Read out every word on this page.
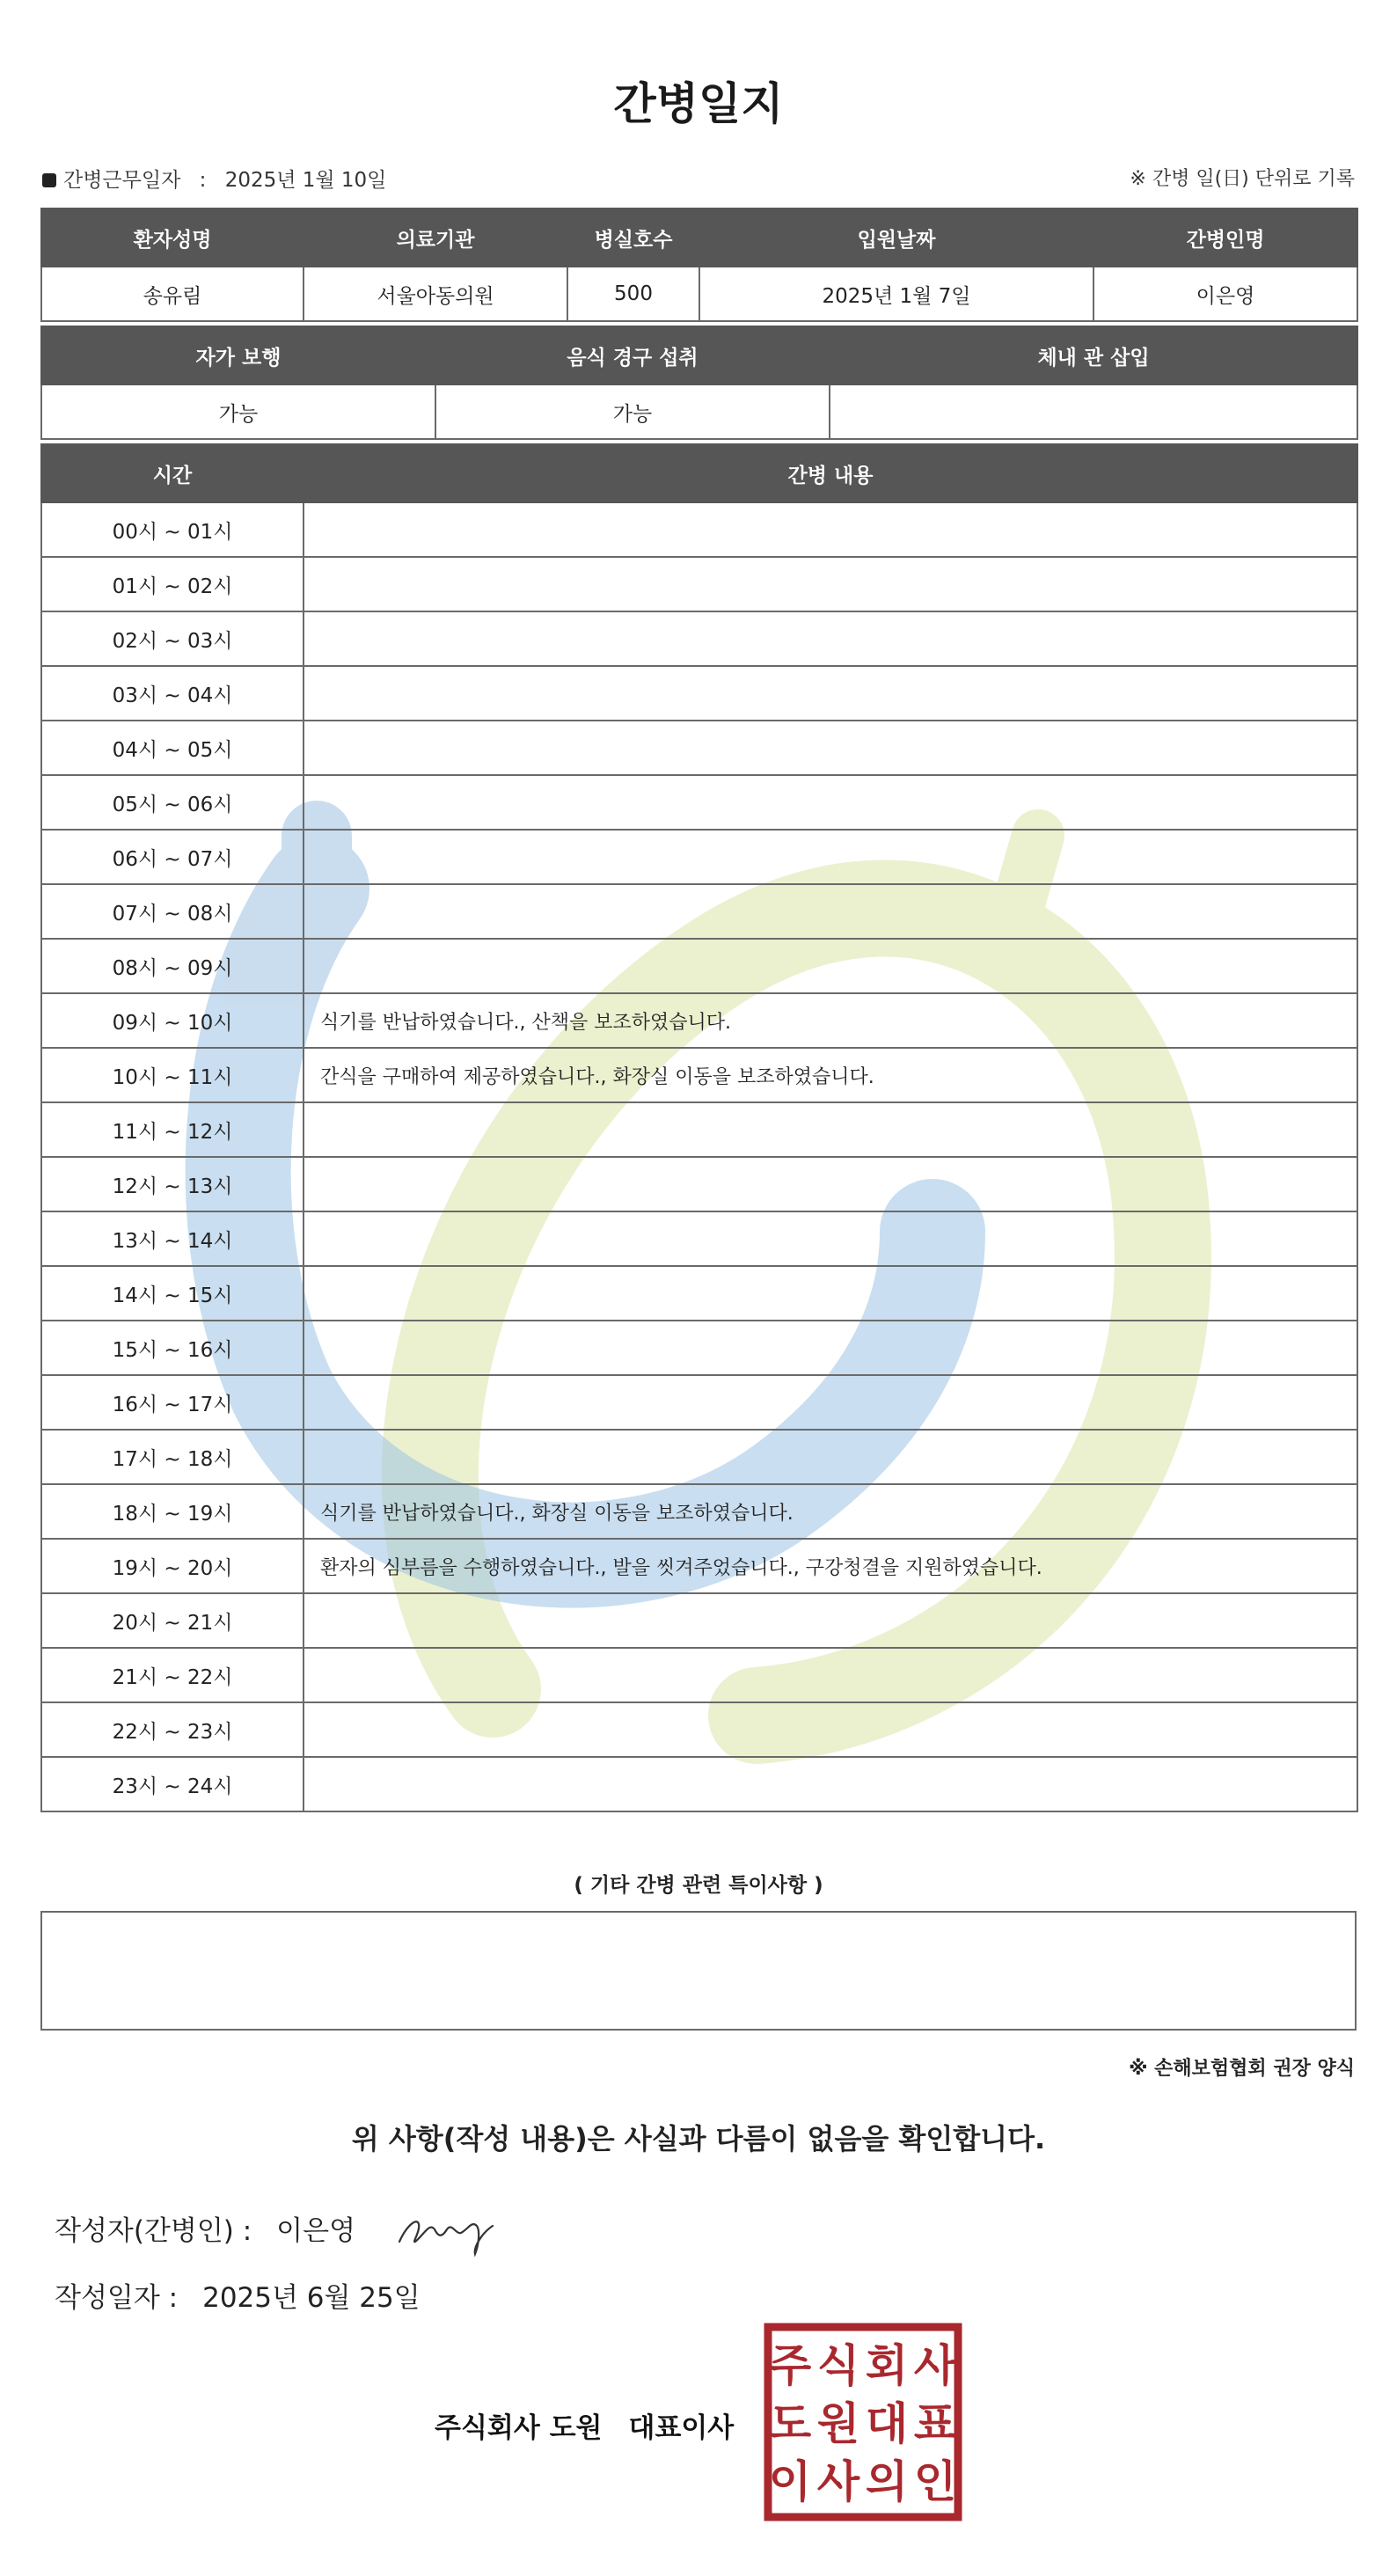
간병일지
간병근무일자 : 2025년 1월 10일	※ 간병 일(日) 단위로 기록
환자성명	의료기관	병실호수	입원날짜	간병인명
송유림	서울아동의원	500	2025년 1월 7일	이은영
자가 보행	음식 경구 섭취	체내 관 삽입
가능	가능	
시간	간병 내용
00시 ~ 01시	
01시 ~ 02시	
02시 ~ 03시	
03시 ~ 04시	
04시 ~ 05시	
05시 ~ 06시	
06시 ~ 07시	
07시 ~ 08시	
08시 ~ 09시	
09시 ~ 10시	식기를 반납하였습니다., 산책을 보조하였습니다.
10시 ~ 11시	간식을 구매하여 제공하였습니다., 화장실 이동을 보조하였습니다.
11시 ~ 12시	
12시 ~ 13시	
13시 ~ 14시	
14시 ~ 15시	
15시 ~ 16시	
16시 ~ 17시	
17시 ~ 18시	
18시 ~ 19시	식기를 반납하였습니다., 화장실 이동을 보조하였습니다.
19시 ~ 20시	환자의 심부름을 수행하였습니다., 발을 씻겨주었습니다., 구강청결을 지원하였습니다.
20시 ~ 21시	
21시 ~ 22시	
22시 ~ 23시	
23시 ~ 24시	
( 기타 간병 관련 특이사항 )
※ 손해보험협회 권장 양식
위 사항(작성 내용)은 사실과 다름이 없음을 확인합니다.
작성자(간병인) : 이은영
작성일자 : 2025년 6월 25일
주식회사 도원 대표이사
주 식 회 사
도 원 대 표
이 사 의 인
